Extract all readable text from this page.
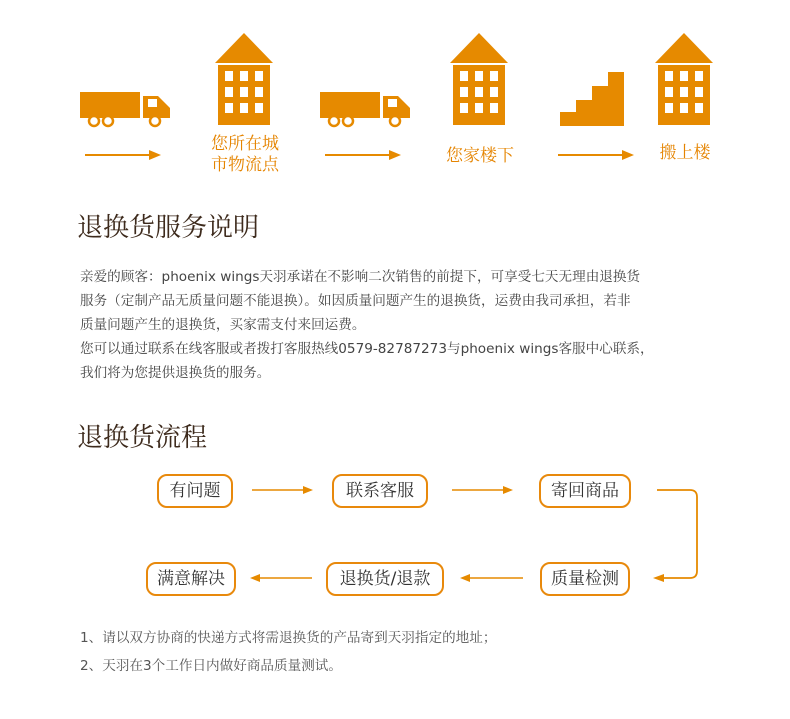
您所在城
市物流点	您家楼下	搬上楼
退换货服务说明
亲爱的顾客：phoenix wings天羽承诺在不影响二次销售的前提下，可享受七天无理由退换货
服务（定制产品无质量问题不能退换）。如因质量问题产生的退换货，运费由我司承担，若非
质量问题产生的退换货，买家需支付来回运费。
您可以通过联系在线客服或者拨打客服热线0579-82787273与phoenix wings客服中心联系，
我们将为您提供退换货的服务。
退换货流程
有问题	联系客服	寄回商品
质量检测
退换货/退款
满意解决
1、请以双方协商的快递方式将需退换货的产品寄到天羽指定的地址；
2、天羽在3个工作日内做好商品质量测试。
